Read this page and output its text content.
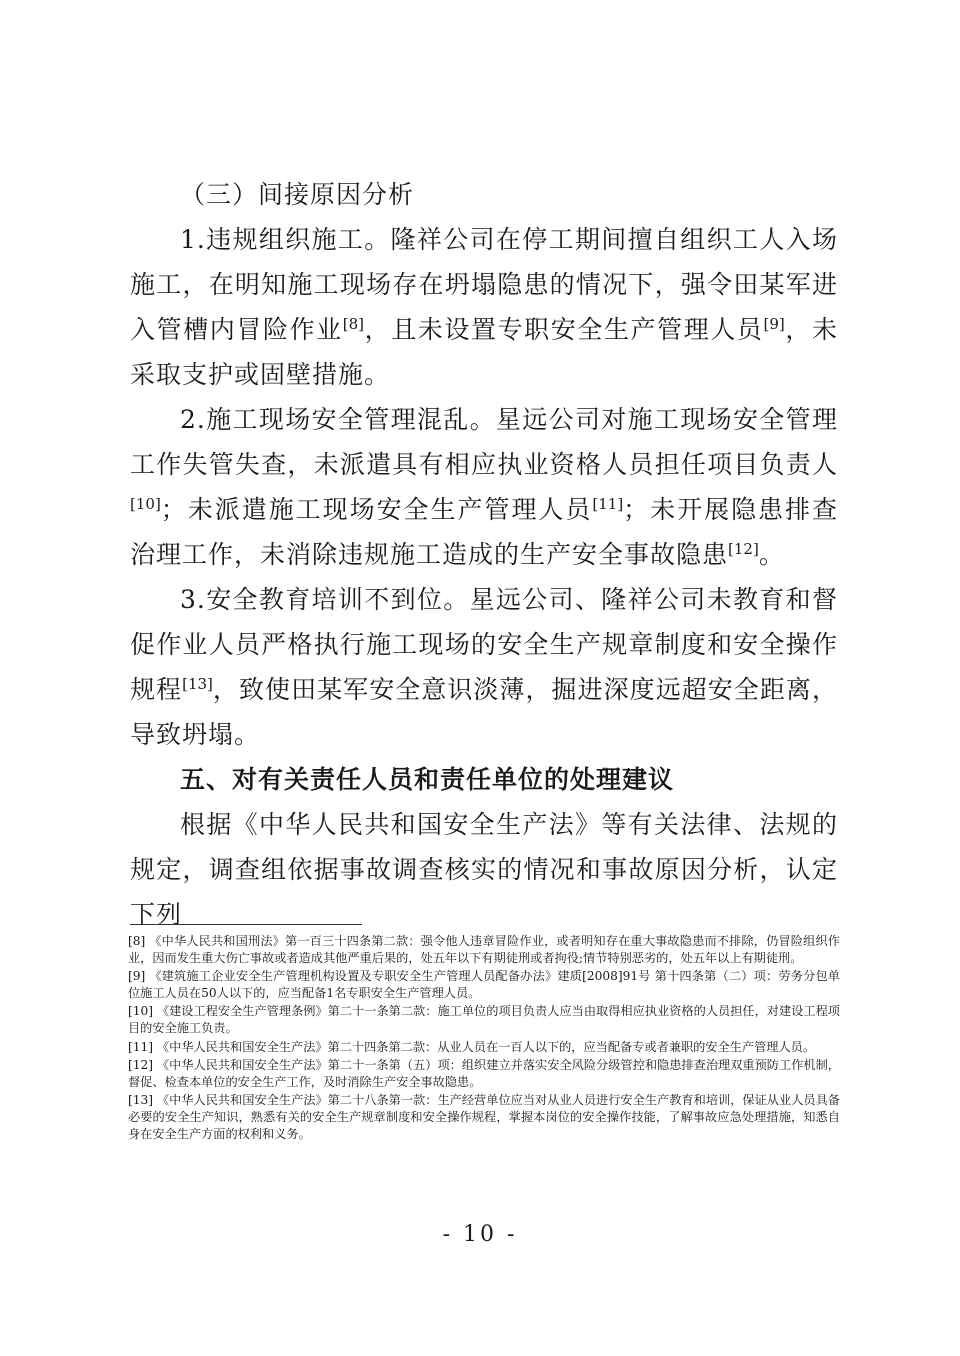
（三）间接原因分析

1.违规组织施工。隆祥公司在停工期间擅自组织工人入场施工，在明知施工现场存在坍塌隐患的情况下，强令田某军进入管槽内冒险作业[8]，且未设置专职安全生产管理人员[9]，未采取支护或固壁措施。

2.施工现场安全管理混乱。星远公司对施工现场安全管理工作失管失查，未派遣具有相应执业资格人员担任项目负责人[10]；未派遣施工现场安全生产管理人员[11]；未开展隐患排查治理工作，未消除违规施工造成的生产安全事故隐患[12]。

3.安全教育培训不到位。星远公司、隆祥公司未教育和督促作业人员严格执行施工现场的安全生产规章制度和安全操作规程[13]，致使田某军安全意识淡薄，掘进深度远超安全距离，导致坍塌。

五、对有关责任人员和责任单位的处理建议

根据《中华人民共和国安全生产法》等有关法律、法规的规定，调查组依据事故调查核实的情况和事故原因分析，认定下列

[8] 《中华人民共和国刑法》第一百三十四条第二款：强令他人违章冒险作业，或者明知存在重大事故隐患而不排除，仍冒险组织作业，因而发生重大伤亡事故或者造成其他严重后果的，处五年以下有期徒刑或者拘役;情节特别恶劣的，处五年以上有期徒刑。

[9] 《建筑施工企业安全生产管理机构设置及专职安全生产管理人员配备办法》建质[2008]91号 第十四条第（二）项：劳务分包单位施工人员在50人以下的，应当配备1名专职安全生产管理人员。

[10] 《建设工程安全生产管理条例》第二十一条第二款：施工单位的项目负责人应当由取得相应执业资格的人员担任，对建设工程项目的安全施工负责。

[11] 《中华人民共和国安全生产法》第二十四条第二款：从业人员在一百人以下的，应当配备专或者兼职的安全生产管理人员。

[12] 《中华人民共和国安全生产法》第二十一条第（五）项：组织建立并落实安全风险分级管控和隐患排查治理双重预防工作机制，督促、检查本单位的安全生产工作，及时消除生产安全事故隐患。

[13] 《中华人民共和国安全生产法》第二十八条第一款：生产经营单位应当对从业人员进行安全生产教育和培训，保证从业人员具备必要的安全生产知识，熟悉有关的安全生产规章制度和安全操作规程，掌握本岗位的安全操作技能，了解事故应急处理措施，知悉自身在安全生产方面的权利和义务。

- 10 -
